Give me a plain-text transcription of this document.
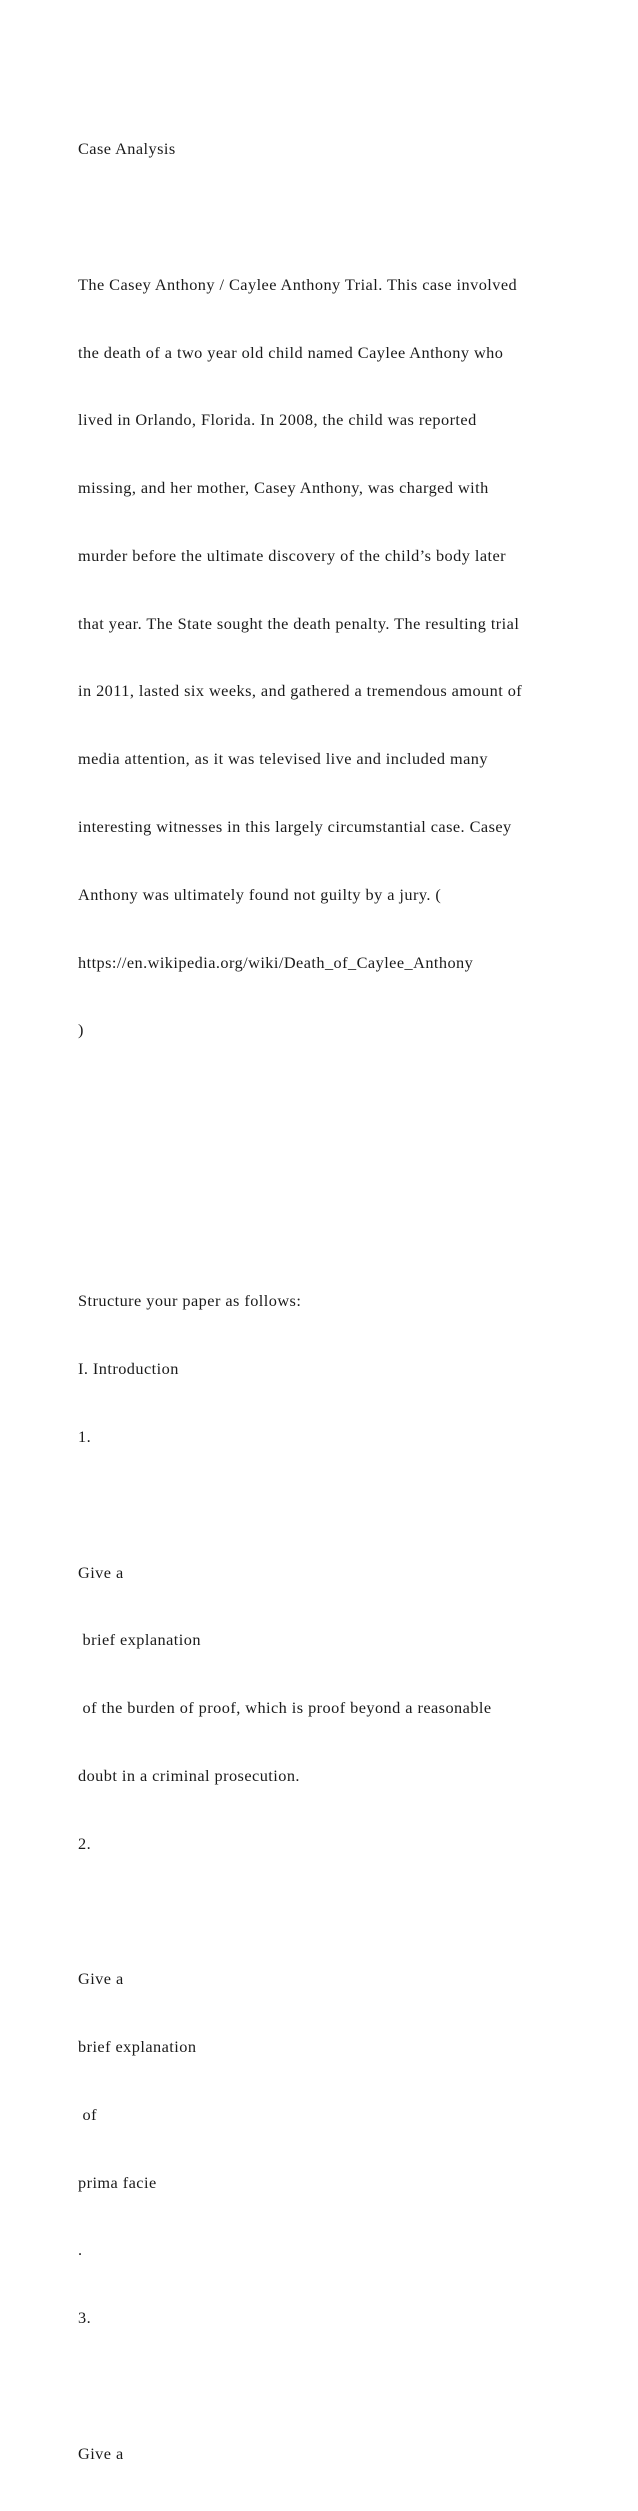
Case Analysis

The Casey Anthony / Caylee Anthony Trial. This case involved

the death of a two year old child named Caylee Anthony who

lived in Orlando, Florida. In 2008, the child was reported

missing, and her mother, Casey Anthony, was charged with

murder before the ultimate discovery of the child’s body later

that year. The State sought the death penalty. The resulting trial

in 2011, lasted six weeks, and gathered a tremendous amount of

media attention, as it was televised live and included many

interesting witnesses in this largely circumstantial case. Casey

Anthony was ultimately found not guilty by a jury. (

https://en.wikipedia.org/wiki/Death_of_Caylee_Anthony

)

Structure your paper as follows:

I. Introduction

1.

Give a

brief explanation

of the burden of proof, which is proof beyond a reasonable

doubt in a criminal prosecution.

2.

Give a

brief explanation

of

prima facie

.

3.

Give a
